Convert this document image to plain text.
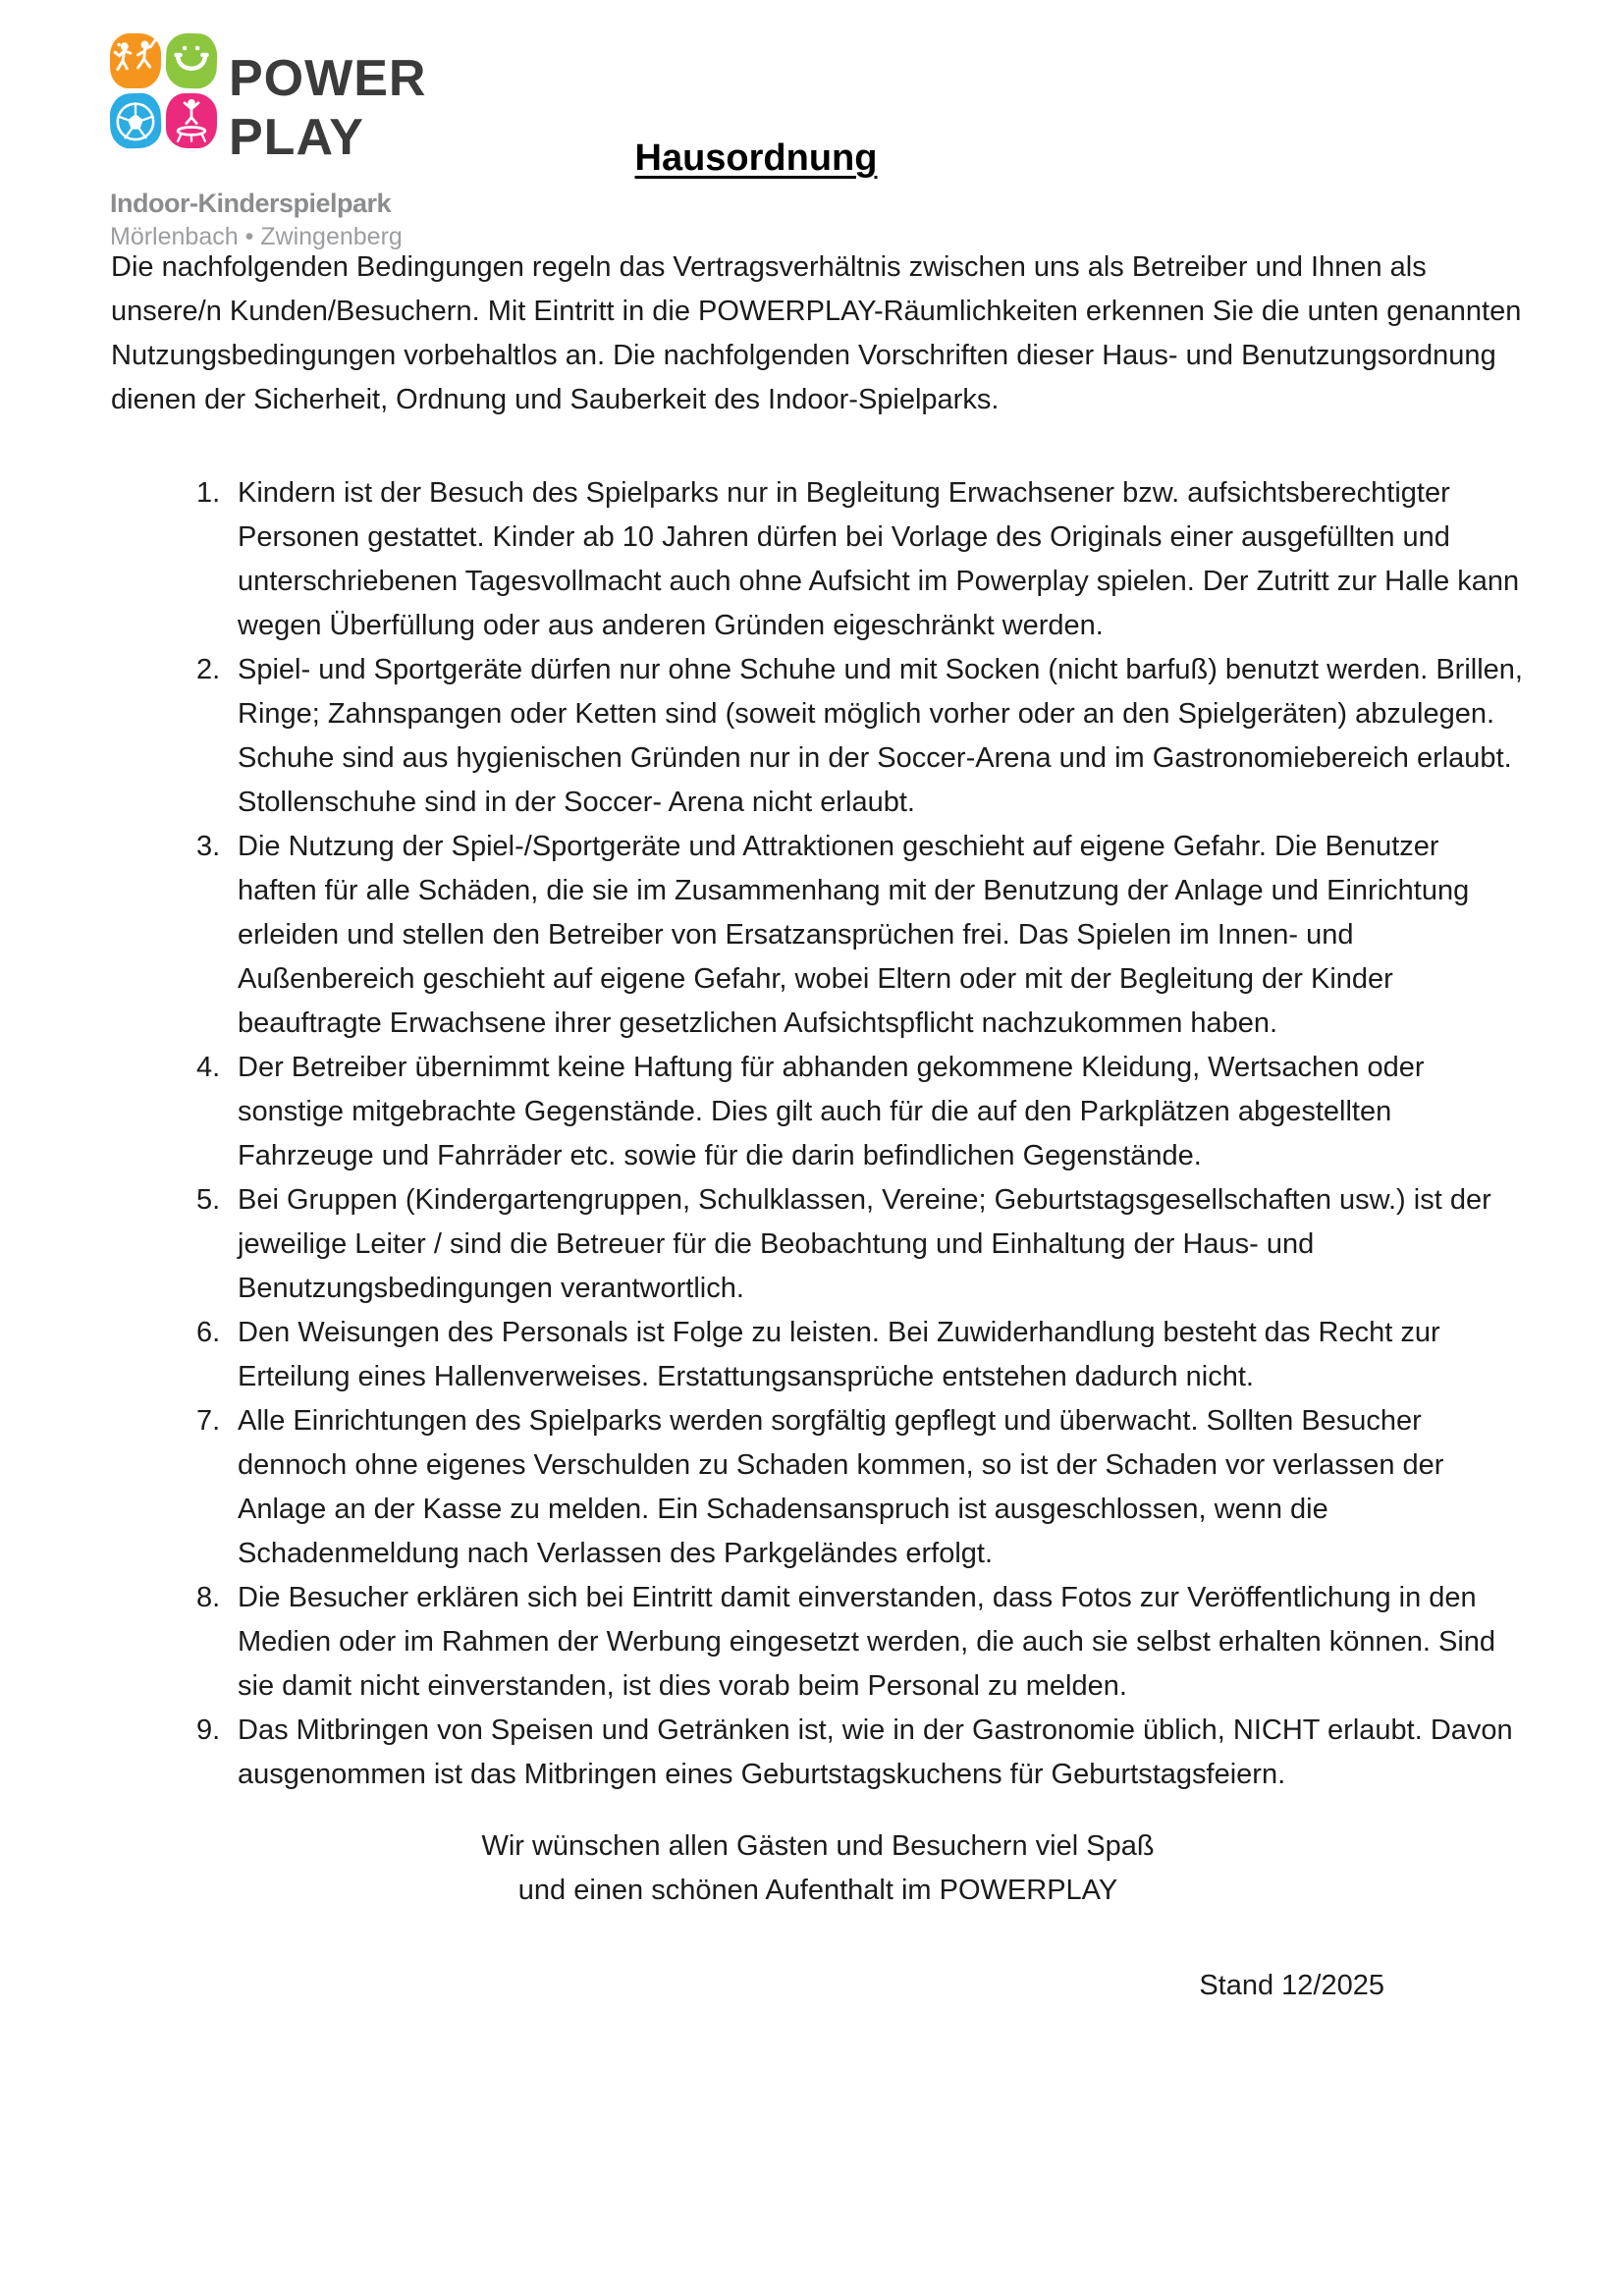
POWER
PLAY
Indoor-Kinderspielpark
Mörlenbach • Zwingenberg
Hausordnung

Die nachfolgenden Bedingungen regeln das Vertragsverhältnis zwischen uns als Betreiber und Ihnen als unsere/n Kunden/Besuchern. Mit Eintritt in die POWERPLAY-Räumlichkeiten erkennen Sie die unten genannten Nutzungsbedingungen vorbehaltlos an. Die nachfolgenden Vorschriften dieser Haus- und Benutzungsordnung dienen der Sicherheit, Ordnung und Sauberkeit des Indoor-Spielparks.

Kindern ist der Besuch des Spielparks nur in Begleitung Erwachsener bzw. aufsichtsberechtigter Personen gestattet. Kinder ab 10 Jahren dürfen bei Vorlage des Originals einer ausgefüllten und unterschriebenen Tagesvollmacht auch ohne Aufsicht im Powerplay spielen. Der Zutritt zur Halle kann wegen Überfüllung oder aus anderen Gründen eigeschränkt werden.
Spiel- und Sportgeräte dürfen nur ohne Schuhe und mit Socken (nicht barfuß) benutzt werden. Brillen, Ringe; Zahnspangen oder Ketten sind (soweit möglich vorher oder an den Spielgeräten) abzulegen. Schuhe sind aus hygienischen Gründen nur in der Soccer-Arena und im Gastronomiebereich erlaubt. Stollenschuhe sind in der Soccer- Arena nicht erlaubt.
Die Nutzung der Spiel-/Sportgeräte und Attraktionen geschieht auf eigene Gefahr. Die Benutzer haften für alle Schäden, die sie im Zusammenhang mit der Benutzung der Anlage und Einrichtung erleiden und stellen den Betreiber von Ersatzansprüchen frei. Das Spielen im Innen- und Außenbereich geschieht auf eigene Gefahr, wobei Eltern oder mit der Begleitung der Kinder beauftragte Erwachsene ihrer gesetzlichen Aufsichtspflicht nachzukommen haben.
Der Betreiber übernimmt keine Haftung für abhanden gekommene Kleidung, Wertsachen oder sonstige mitgebrachte Gegenstände. Dies gilt auch für die auf den Parkplätzen abgestellten Fahrzeuge und Fahrräder etc. sowie für die darin befindlichen Gegenstände.
Bei Gruppen (Kindergartengruppen, Schulklassen, Vereine; Geburtstagsgesellschaften usw.) ist der jeweilige Leiter / sind die Betreuer für die Beobachtung und Einhaltung der Haus- und Benutzungsbedingungen verantwortlich.
Den Weisungen des Personals ist Folge zu leisten. Bei Zuwiderhandlung besteht das Recht zur Erteilung eines Hallenverweises. Erstattungsansprüche entstehen dadurch nicht.
Alle Einrichtungen des Spielparks werden sorgfältig gepflegt und überwacht. Sollten Besucher dennoch ohne eigenes Verschulden zu Schaden kommen, so ist der Schaden vor verlassen der Anlage an der Kasse zu melden. Ein Schadensanspruch ist ausgeschlossen, wenn die Schadenmeldung nach Verlassen des Parkgeländes erfolgt.
Die Besucher erklären sich bei Eintritt damit einverstanden, dass Fotos zur Veröffentlichung in den Medien oder im Rahmen der Werbung eingesetzt werden, die auch sie selbst erhalten können. Sind sie damit nicht einverstanden, ist dies vorab beim Personal zu melden.
Das Mitbringen von Speisen und Getränken ist, wie in der Gastronomie üblich, NICHT erlaubt. Davon ausgenommen ist das Mitbringen eines Geburtstagskuchens für Geburtstagsfeiern.

Wir wünschen allen Gästen und Besuchern viel Spaß
und einen schönen Aufenthalt im POWERPLAY

Stand 12/2025
